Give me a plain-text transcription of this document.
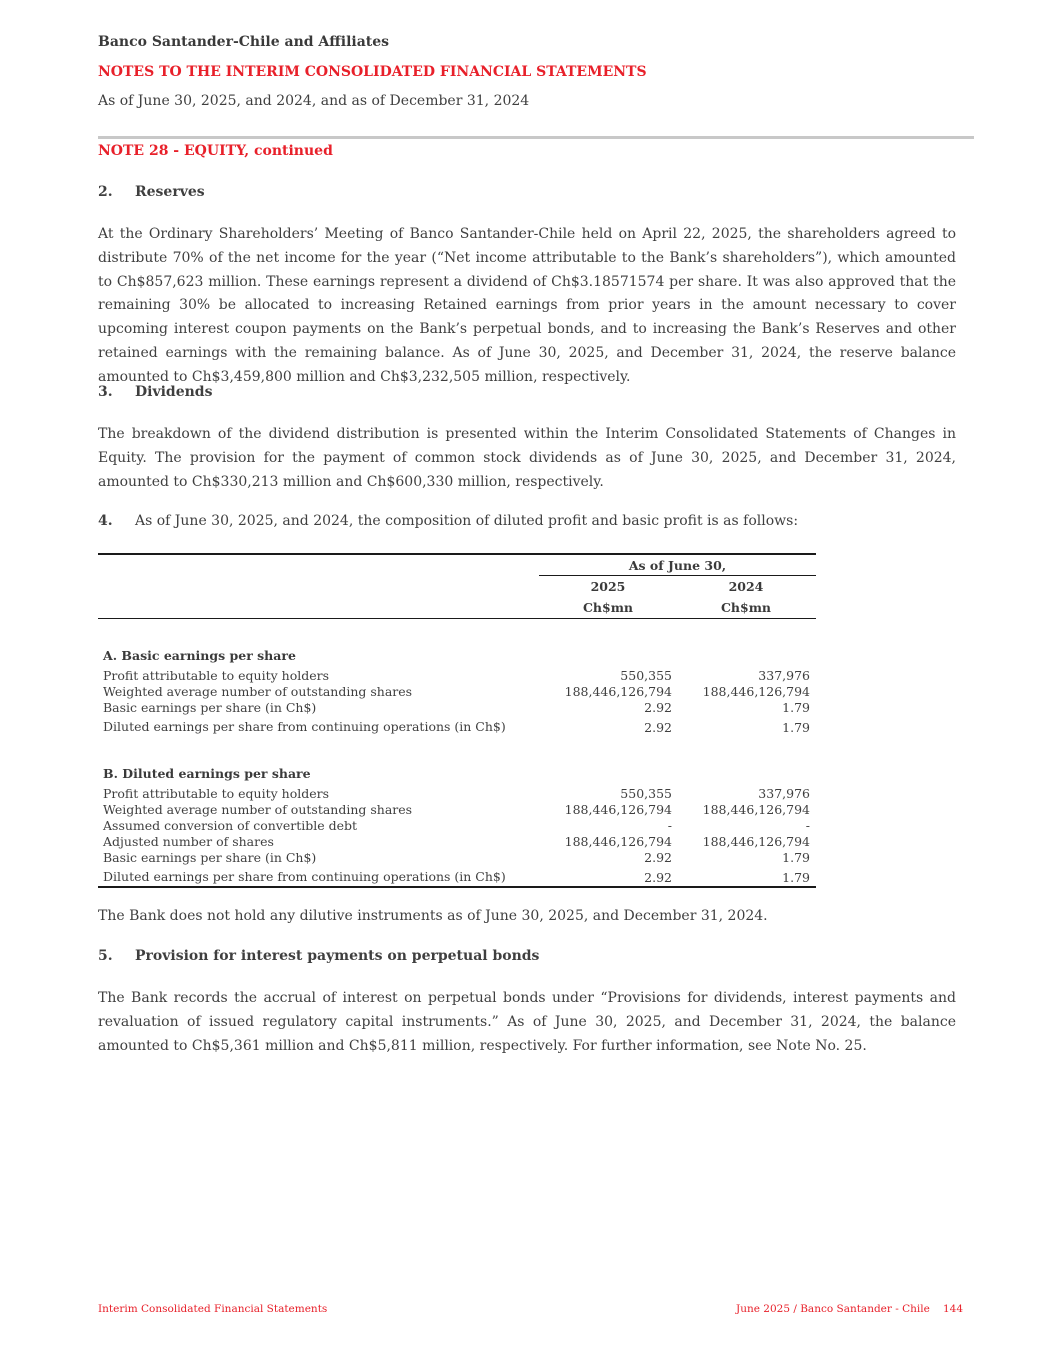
Banco Santander-Chile and Affiliates
NOTES TO THE INTERIM CONSOLIDATED FINANCIAL STATEMENTS
As of June 30, 2025, and 2024, and as of December 31, 2024
NOTE 28 - EQUITY, continued
2. Reserves
At the Ordinary Shareholders’ Meeting of Banco Santander-Chile held on April 22, 2025, the shareholders agreed to distribute 70% of the net income for the year (“Net income attributable to the Bank’s shareholders”), which amounted to Ch$857,623 million. These earnings represent a dividend of Ch$3.18571574 per share. It was also approved that the remaining 30% be allocated to increasing Retained earnings from prior years in the amount necessary to cover upcoming interest coupon payments on the Bank’s perpetual bonds, and to increasing the Bank’s Reserves and other retained earnings with the remaining balance. As of June 30, 2025, and December 31, 2024, the reserve balance amounted to Ch$3,459,800 million and Ch$3,232,505 million, respectively.
3. Dividends
The breakdown of the dividend distribution is presented within the Interim Consolidated Statements of Changes in Equity. The provision for the payment of common stock dividends as of June 30, 2025, and December 31, 2024, amounted to Ch$330,213 million and Ch$600,330 million, respectively.
4. As of June 30, 2025, and 2024, the composition of diluted profit and basic profit is as follows:
As of June 30,
2025	2024
Ch$mn	Ch$mn
A. Basic earnings per share
Profit attributable to equity holders	550,355	337,976
Weighted average number of outstanding shares	188,446,126,794 188,446,126,794
Basic earnings per share (in Ch$)	2.92	1.79
Diluted earnings per share from continuing operations (in Ch$)	2.92	1.79
B. Diluted earnings per share
Profit attributable to equity holders	550,355	337,976
Weighted average number of outstanding shares	188,446,126,794 188,446,126,794
Assumed conversion of convertible debt	-	-
Adjusted number of shares	188,446,126,794 188,446,126,794
Basic earnings per share (in Ch$)	2.92	1.79
Diluted earnings per share from continuing operations (in Ch$)	2.92	1.79
The Bank does not hold any dilutive instruments as of June 30, 2025, and December 31, 2024.
5. Provision for interest payments on perpetual bonds
The Bank records the accrual of interest on perpetual bonds under “Provisions for dividends, interest payments and revaluation of issued regulatory capital instruments.” As of June 30, 2025, and December 31, 2024, the balance amounted to Ch$5,361 million and Ch$5,811 million, respectively. For further information, see Note No. 25.
Interim Consolidated Financial Statements	June 2025 / Banco Santander - Chile 144
